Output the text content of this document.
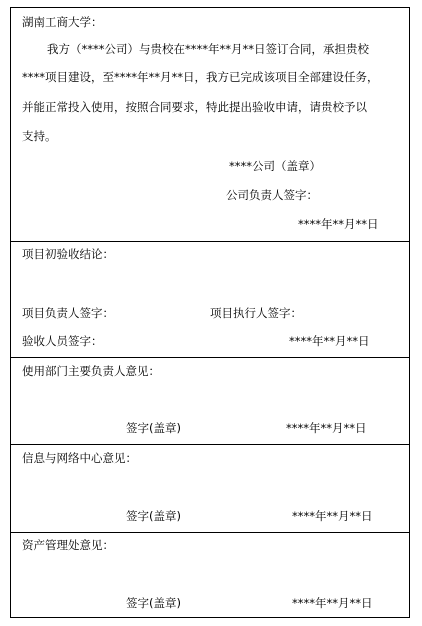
湖南工商大学：
我方（****公司）与贵校在****年**月**日签订合同，承担贵校
****项目建设，至****年**月**日，我方已完成该项目全部建设任务，
并能正常投入使用，按照合同要求，特此提出验收申请，请贵校予以
支持。
****公司（盖章）
公司负责人签字：
****年**月**日
项目初验收结论：
项目负责人签字：	项目执行人签字：
验收人员签字：	****年**月**日
使用部门主要负责人意见：
签字(盖章)	****年**月**日
信息与网络中心意见：
签字(盖章)	****年**月**日
资产管理处意见：
签字(盖章)	****年**月**日
